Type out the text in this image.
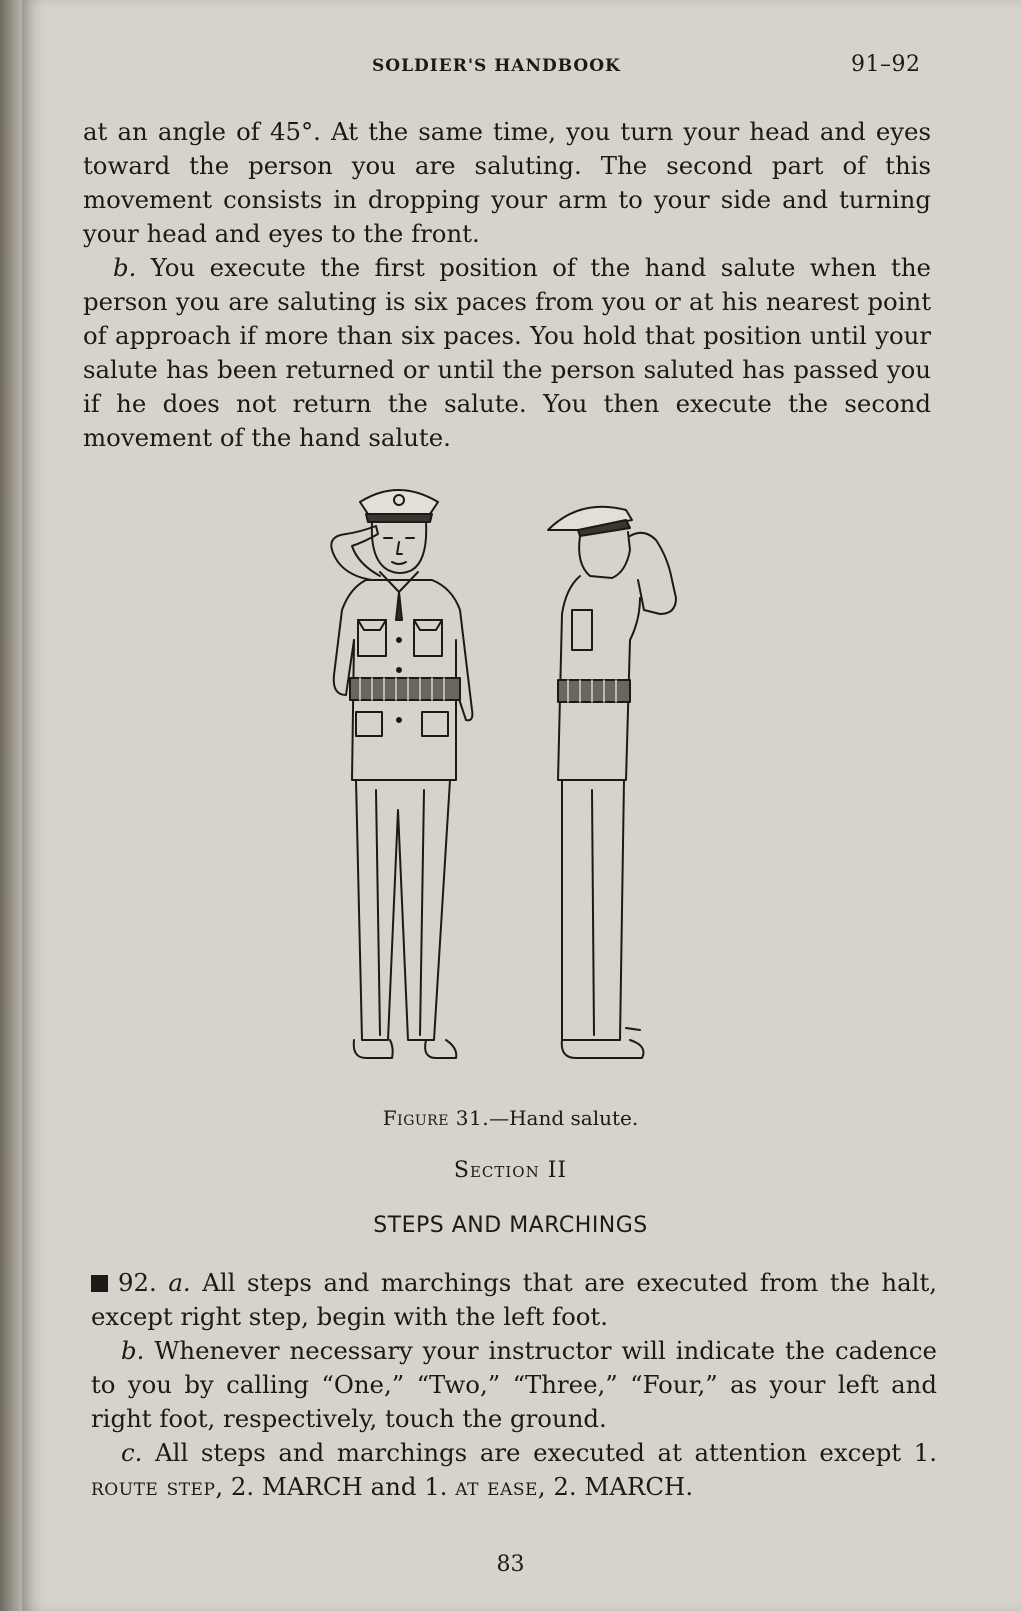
SOLDIER'S HANDBOOK	91–92

at an angle of 45°. At the same time, you turn your head and eyes toward the person you are saluting. The second part of this movement consists in dropping your arm to your side and turning your head and eyes to the front.

b. You execute the first position of the hand salute when the person you are saluting is six paces from you or at his nearest point of approach if more than six paces. You hold that position until your salute has been returned or until the person saluted has passed you if he does not return the salute. You then execute the second movement of the hand salute.

Figure 31.—Hand salute.
Section II
STEPS AND MARCHINGS

92. a. All steps and marchings that are executed from the halt, except right step, begin with the left foot.

b. Whenever necessary your instructor will indicate the cadence to you by calling “One,” “Two,” “Three,” “Four,” as your left and right foot, respectively, touch the ground.

c. All steps and marchings are executed at attention except 1. route step, 2. MARCH and 1. at ease, 2. MARCH.

83
